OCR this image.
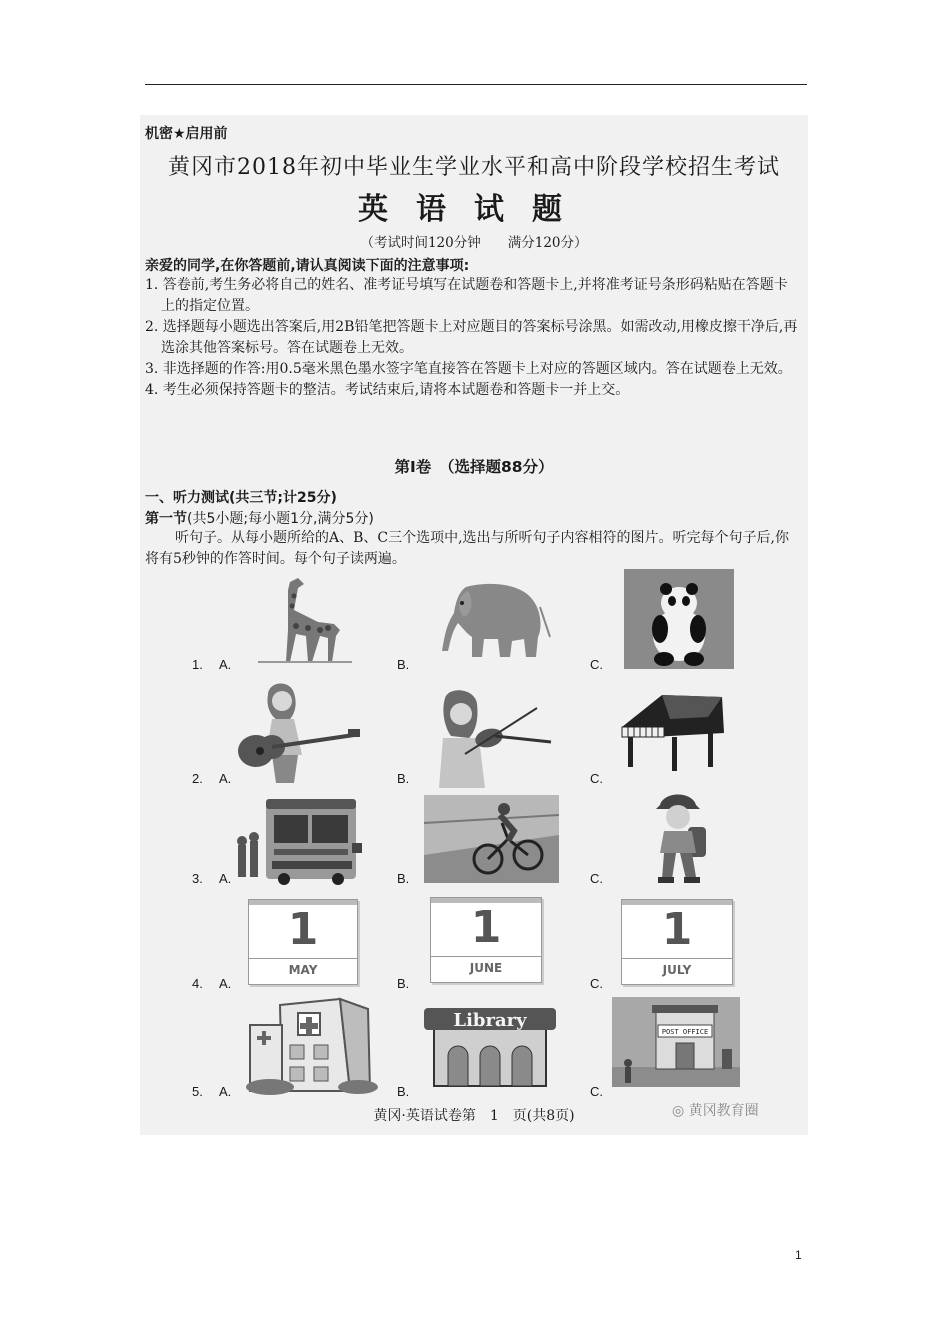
机密★启用前
黄冈市2018年初中毕业生学业水平和高中阶段学校招生考试
英语试题
（考试时间120分钟　　满分120分）
亲爱的同学,在你答题前,请认真阅读下面的注意事项:

1. 答卷前,考生务必将自己的姓名、准考证号填写在试题卷和答题卡上,并将准考证号条形码粘贴在答题卡上的指定位置。

2. 选择题每小题选出答案后,用2B铅笔把答题卡上对应题目的答案标号涂黑。如需改动,用橡皮擦干净后,再选涂其他答案标号。答在试题卷上无效。

3. 非选择题的作答:用0.5毫米黑色墨水签字笔直接答在答题卡上对应的答题区域内。答在试题卷上无效。

4. 考生必须保持答题卡的整洁。考试结束后,请将本试题卷和答题卡一并上交。

第Ⅰ卷　（选择题88分）
一、听力测试(共三节;计25分)
第一节(共5小题;每小题1分,满分5分)
听句子。从每小题所给的A、B、C三个选项中,选出与所听句子内容相符的图片。听完每个句子后,你将有5秒钟的作答时间。每个句子读两遍。
1. A.	B.	C.
2. A.	B.	C.
3. A.	B.	C.
4. A.	B.	C.
5. A.	B.	C.
1
MAY
1
JUNE
1
JULY
Library
POST OFFICE
黄冈·英语试卷第　1　页(共8页)	◎ 黄冈教育圈
1
